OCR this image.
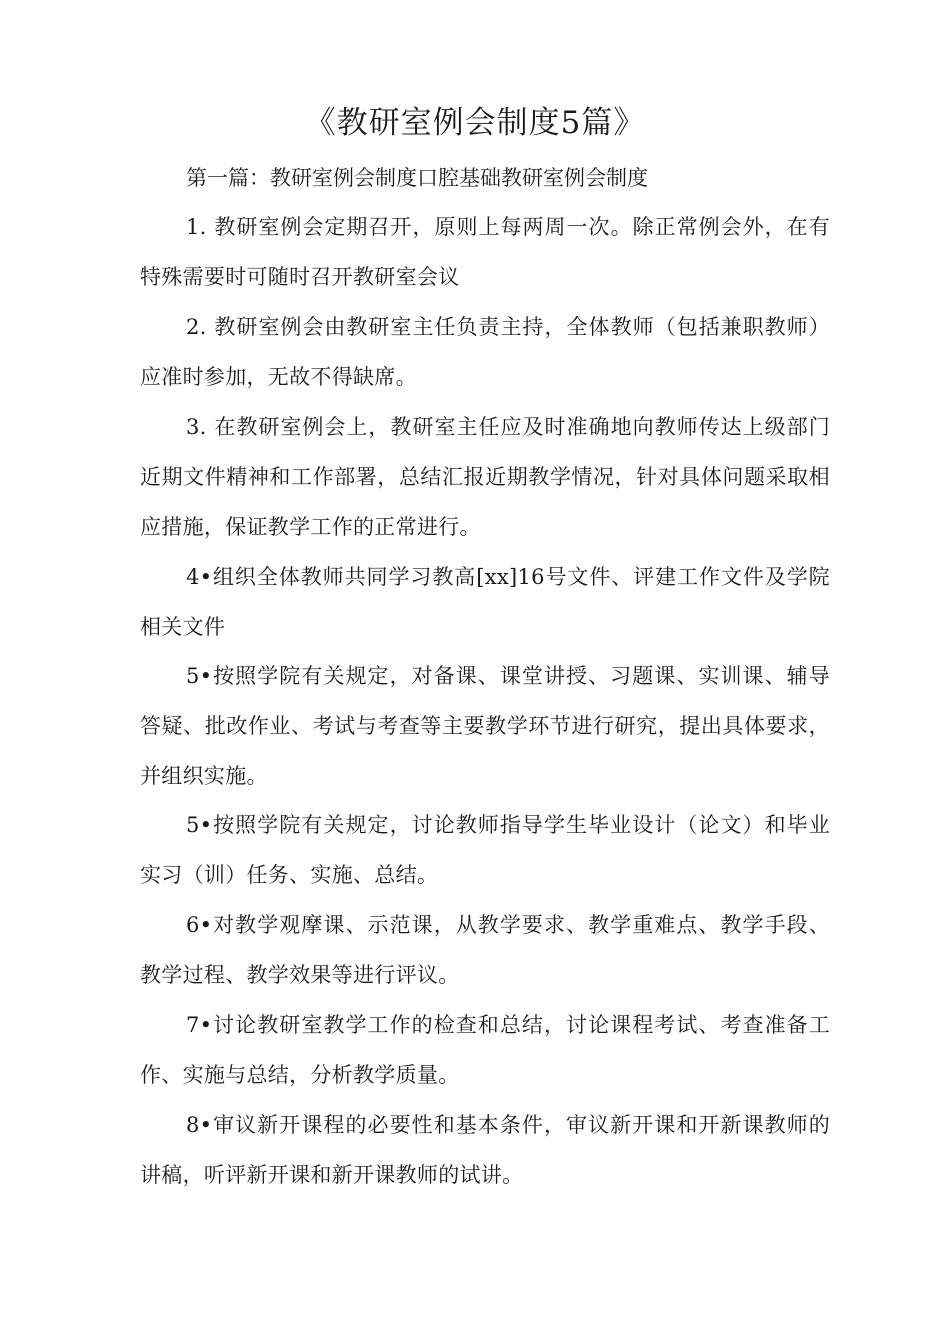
《教研室例会制度5篇》

第一篇：教研室例会制度口腔基础教研室例会制度

1. 教研室例会定期召开，原则上每两周一次。除正常例会外，在有特殊需要时可随时召开教研室会议

2. 教研室例会由教研室主任负责主持，全体教师（包括兼职教师）应准时参加，无故不得缺席。

3. 在教研室例会上，教研室主任应及时准确地向教师传达上级部门近期文件精神和工作部署，总结汇报近期教学情况，针对具体问题采取相应措施，保证教学工作的正常进行。

4•组织全体教师共同学习教高[xx]16号文件、评建工作文件及学院相关文件

5•按照学院有关规定，对备课、课堂讲授、习题课、实训课、辅导答疑、批改作业、考试与考查等主要教学环节进行研究，提出具体要求，并组织实施。

5•按照学院有关规定，讨论教师指导学生毕业设计（论文）和毕业实习（训）任务、实施、总结。

6•对教学观摩课、示范课，从教学要求、教学重难点、教学手段、教学过程、教学效果等进行评议。

7•讨论教研室教学工作的检查和总结，讨论课程考试、考查准备工作、实施与总结，分析教学质量。

8•审议新开课程的必要性和基本条件，审议新开课和开新课教师的讲稿，听评新开课和新开课教师的试讲。
